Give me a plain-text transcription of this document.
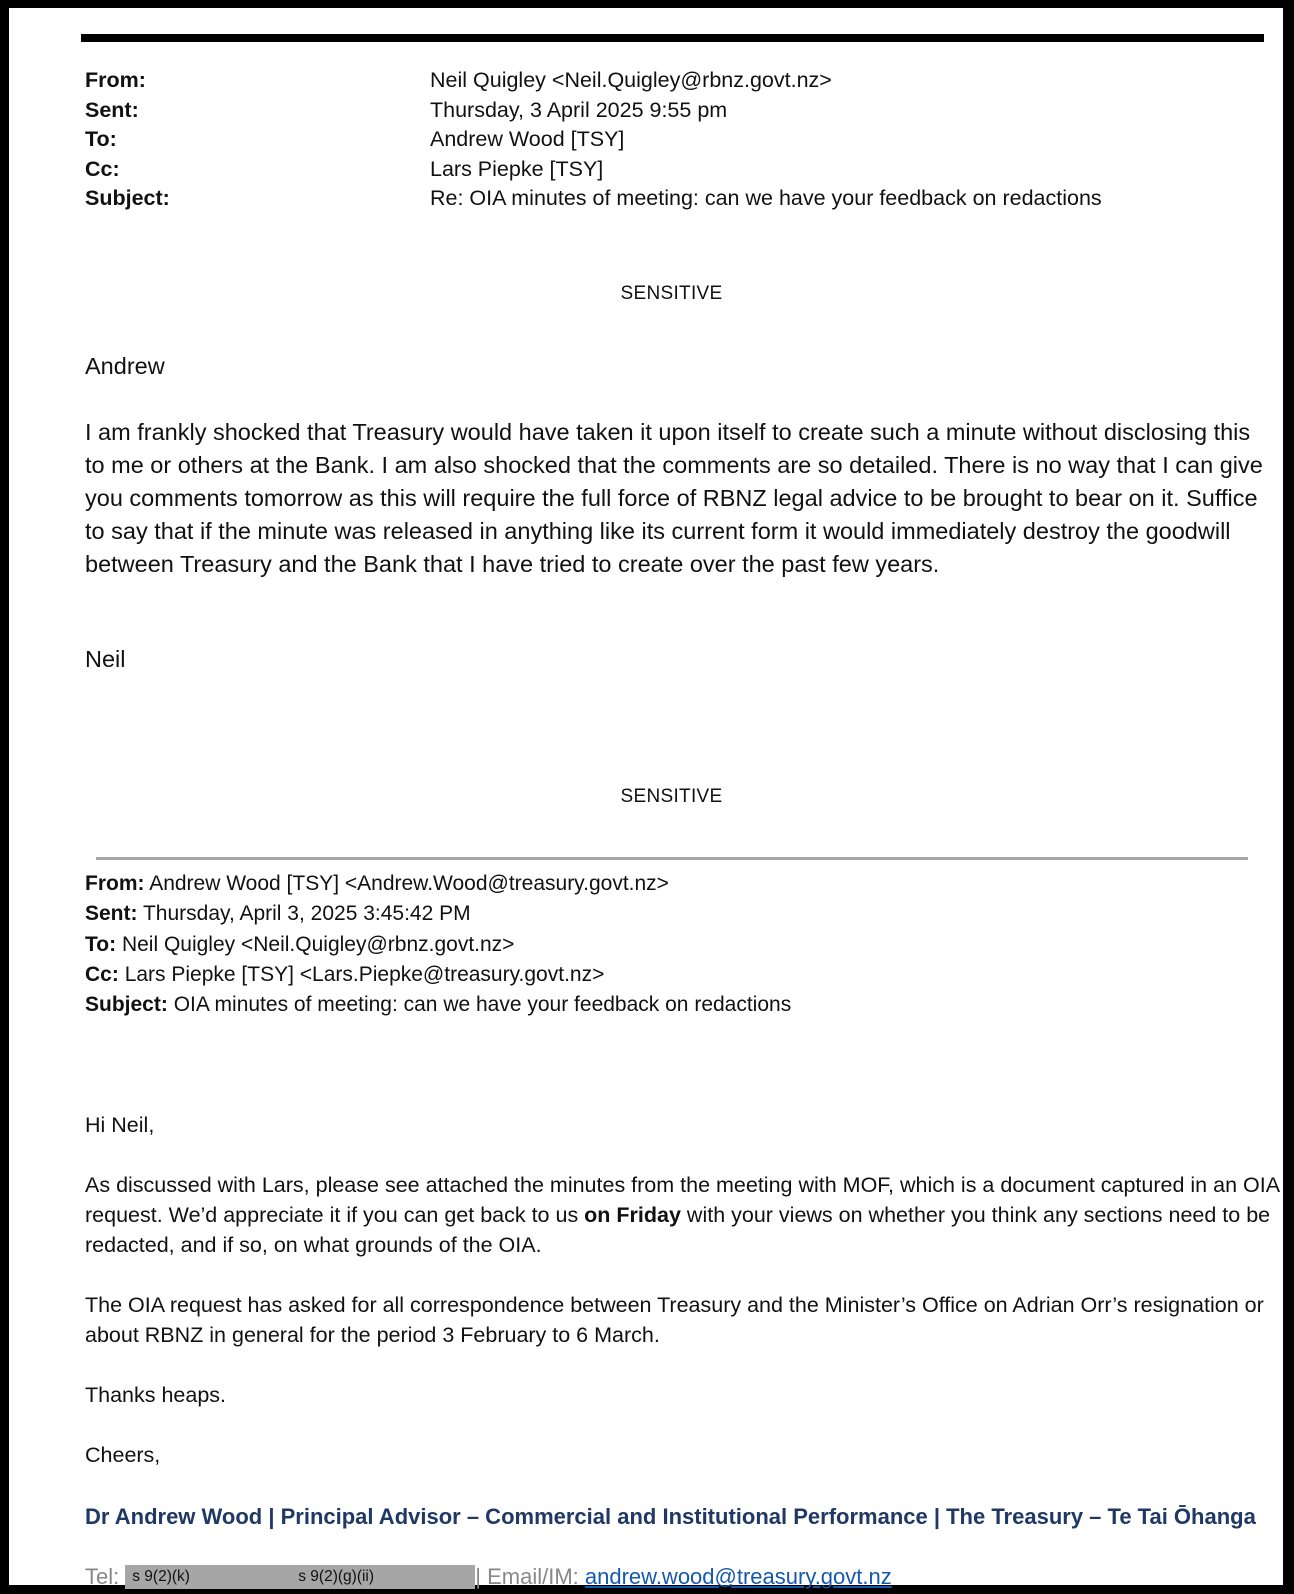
From:	Neil Quigley <Neil.Quigley@rbnz.govt.nz>
Sent:	Thursday, 3 April 2025 9:55 pm
To:	Andrew Wood [TSY]
Cc:	Lars Piepke [TSY]
Subject:	Re: OIA minutes of meeting: can we have your feedback on redactions
SENSITIVE
Andrew
I am frankly shocked that Treasury would have taken it upon itself to create such a minute without disclosing this to me or others at the Bank. I am also shocked that the comments are so detailed. There is no way that I can give you comments tomorrow as this will require the full force of RBNZ legal advice to be brought to bear on it. Suffice to say that if the minute was released in anything like its current form it would immediately destroy the goodwill between Treasury and the Bank that I have tried to create over the past few years.
Neil
SENSITIVE
From: Andrew Wood [TSY] <Andrew.Wood@treasury.govt.nz>
Sent: Thursday, April 3, 2025 3:45:42 PM
To: Neil Quigley <Neil.Quigley@rbnz.govt.nz>
Cc: Lars Piepke [TSY] <Lars.Piepke@treasury.govt.nz>
Subject: OIA minutes of meeting: can we have your feedback on redactions
Hi Neil,
As discussed with Lars, please see attached the minutes from the meeting with MOF, which is a document captured in an OIA request. We’d appreciate it if you can get back to us on Friday with your views on whether you think any sections need to be redacted, and if so, on what grounds of the OIA.
The OIA request has asked for all correspondence between Treasury and the Minister’s Office on Adrian Orr’s resignation or about RBNZ in general for the period 3 February to 6 March.
Thanks heaps.
Cheers,
Dr Andrew Wood | Principal Advisor – Commercial and Institutional Performance | The Treasury – Te Tai Ōhanga
Tel: s 9(2)(k)	s 9(2)(g)(ii)	| Email/IM: andrew.wood@treasury.govt.nz
